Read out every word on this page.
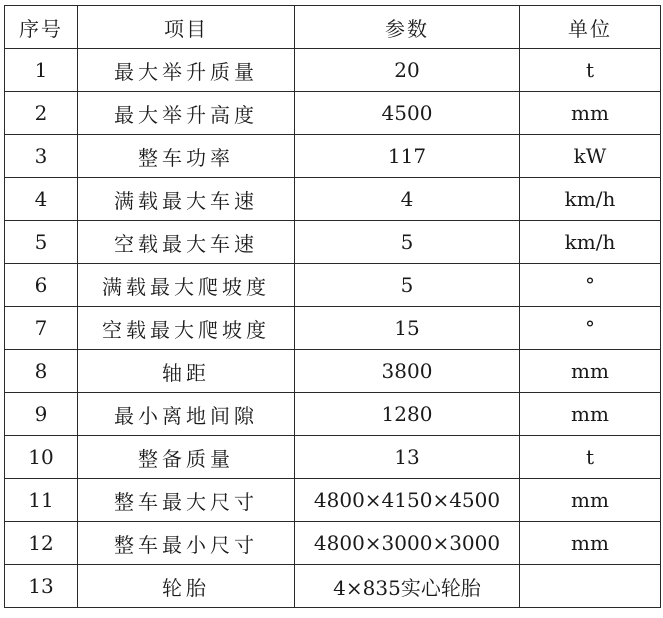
序号	项目	参数	单位
1	最大举升质量	20	t
2	最大举升高度	4500	mm
3	整车功率	117	kW
4	满载最大车速	4	km/h
5	空载最大车速	5	km/h
6	满载最大爬坡度	5	°
7	空载最大爬坡度	15	°
8	轴距	3800	mm
9	最小离地间隙	1280	mm
10	整备质量	13	t
11	整车最大尺寸	4800×4150×4500	mm
12	整车最小尺寸	4800×3000×3000	mm
13	轮胎	4×835实心轮胎	
